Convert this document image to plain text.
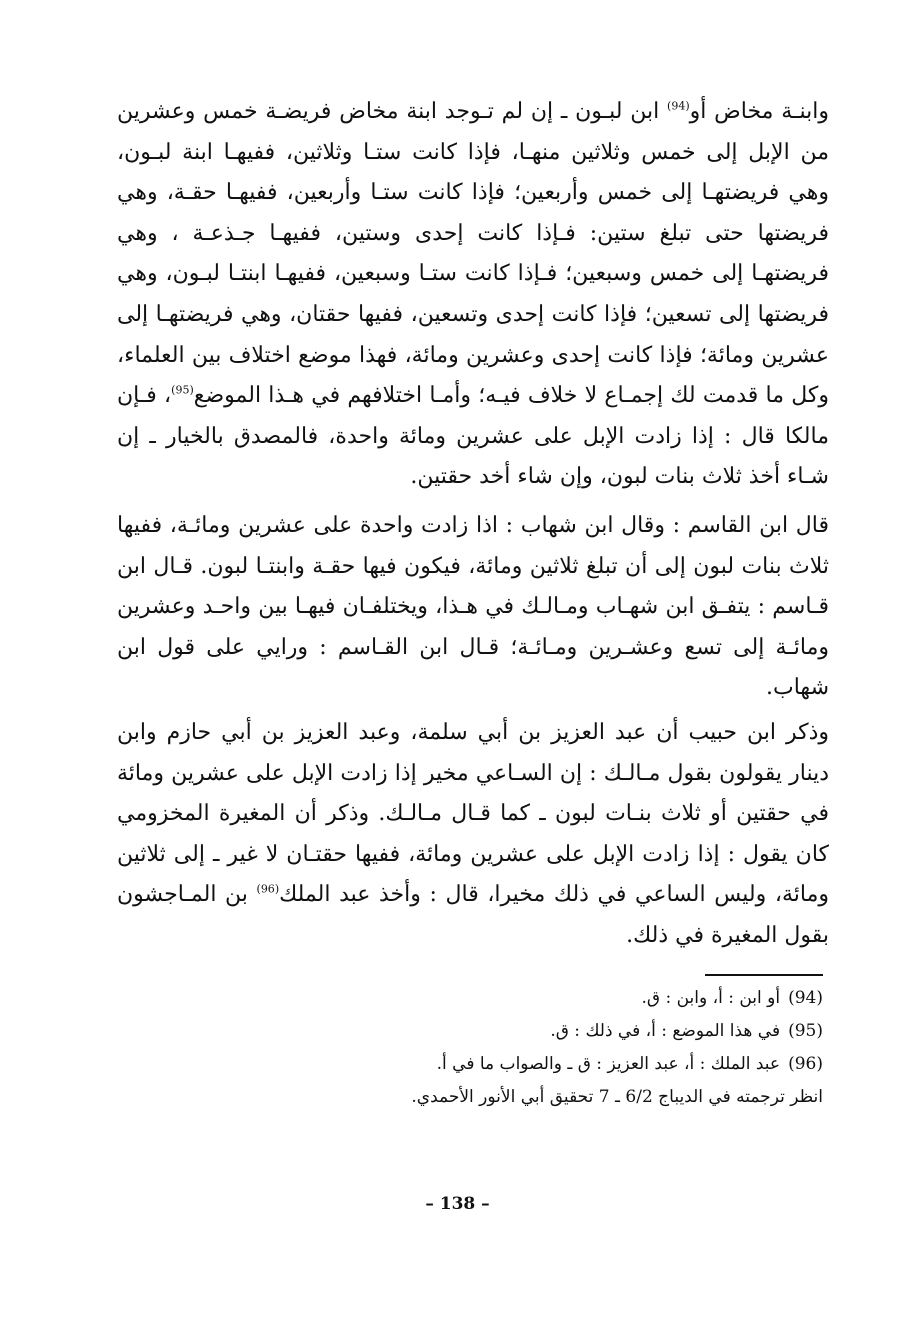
وابنـة مخاض أو$^{(94)}$ ابن لبـون ـ إن لم تـوجد ابنة مخاض فريضـة خمس وعشرين من الإبل إلى خمس وثلاثين منهـا، فإذا كانت ستـا وثلاثين، ففيهـا ابنة لبـون، وهي فريضتهـا إلى خمس وأربعين؛ فإذا كانت ستـا وأربعين، ففيهـا حقـة، وهي فريضتها حتى تبلغ ستين: فـإذا كانت إحدى وستين، ففيهـا جـذعـة ، وهي فريضتهـا إلى خمس وسبعين؛ فـإذا كانت ستـا وسبعين، ففيهـا ابنتـا لبـون، وهي فريضتها إلى تسعين؛ فإذا كانت إحدى وتسعين، ففيها حقتان، وهي فريضتهـا إلى عشرين ومائة؛ فإذا كانت إحدى وعشرين ومائة، فهذا موضع اختلاف بين العلماء، وكل ما قدمت لك إجمـاع لا خلاف فيـه؛ وأمـا اختلافهم في هـذا الموضع$^{(95)}$، فـإن مالكا قال : إذا زادت الإبل على عشرين ومائة واحدة، فالمصدق بالخيار ـ إن شـاء أخذ ثلاث بنات لبون، وإن شاء أخد حقتين.

قال ابن القاسم : وقال ابن شهاب : اذا زادت واحدة على عشرين ومائـة، ففيها ثلاث بنات لبون إلى أن تبلغ ثلاثين ومائة، فيكون فيها حقـة وابنتـا لبون. قـال ابن قـاسم : يتفـق ابن شهـاب ومـالـك في هـذا، ويختلفـان فيهـا بين واحـد وعشرين ومائـة إلى تسع وعشـرين ومـائـة؛ قـال ابن القـاسم : ورايي على قول ابن شهاب.

وذكر ابن حبيب أن عبد العزيز بن أبي سلمة، وعبد العزيز بن أبي حازم وابن دينار يقولون بقول مـالـك : إن السـاعي مخير إذا زادت الإبل على عشرين ومائة في حقتين أو ثلاث بنـات لبون ـ كما قـال مـالـك. وذكر أن المغيرة المخزومي كان يقول : إذا زادت الإبل على عشرين ومائة، ففيها حقتـان لا غير ـ إلى ثلاثين ومائة، وليس الساعي في ذلك مخيرا، قال : وأخذ عبد الملك$^{(96)}$ بن المـاجشون بقول المغيرة في ذلك.

(94)أو ابن : أ، وابن : ق.
(95)في هذا الموضع : أ، في ذلك : ق.
(96)عبد الملك : أ، عبد العزيز : ق ـ والصواب ما في أ.
انظر ترجمته في الديباج 6/2 ـ 7 تحقيق أبي الأنور الأحمدي.
– 138 –
